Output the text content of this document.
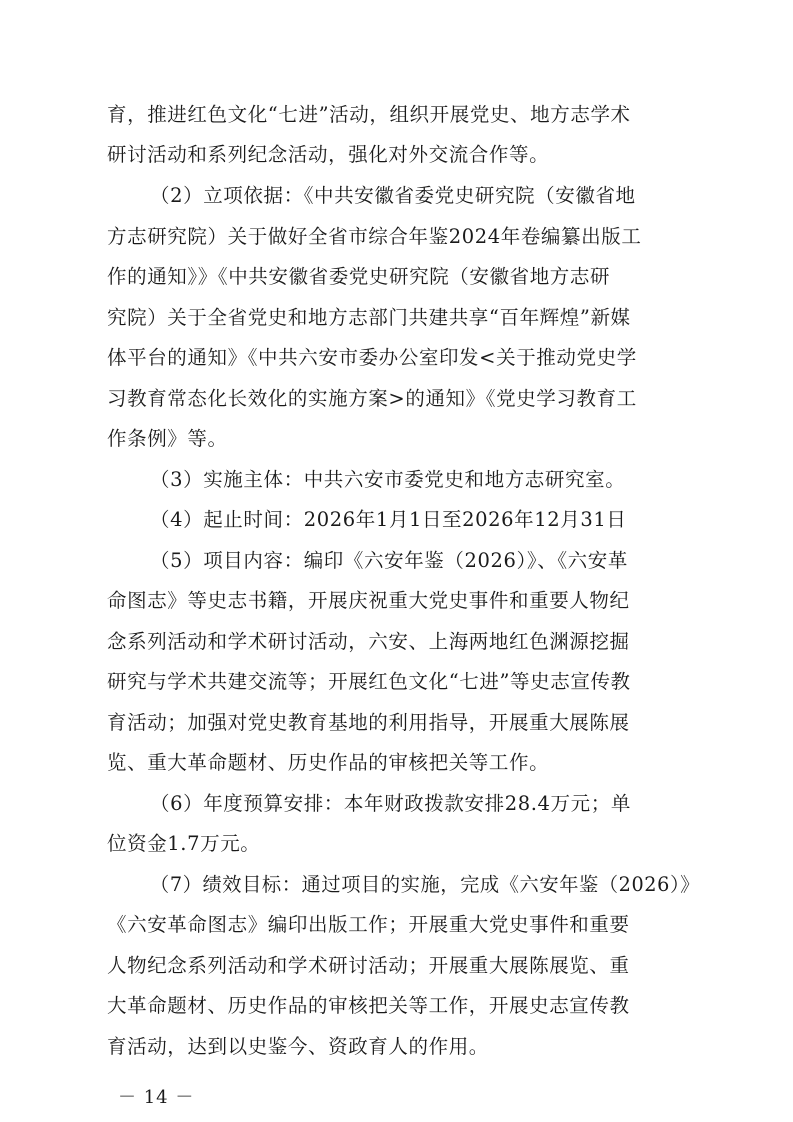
育，推进红色文化“七进”活动，组织开展党史、地方志学术
研讨活动和系列纪念活动，强化对外交流合作等。
（2）立项依据：《中共安徽省委党史研究院（安徽省地
方志研究院）关于做好全省市综合年鉴2024年卷编纂出版工
作的通知》》《中共安徽省委党史研究院（安徽省地方志研
究院）关于全省党史和地方志部门共建共享“百年辉煌”新媒
体平台的通知》《中共六安市委办公室印发<关于推动党史学
习教育常态化长效化的实施方案>的通知》《党史学习教育工
作条例》等。
（3）实施主体：中共六安市委党史和地方志研究室。
（4）起止时间：2026年1月1日至2026年12月31日
（5）项目内容：编印《六安年鉴（2026）》、《六安革
命图志》等史志书籍，开展庆祝重大党史事件和重要人物纪
念系列活动和学术研讨活动，六安、上海两地红色渊源挖掘
研究与学术共建交流等；开展红色文化“七进”等史志宣传教
育活动；加强对党史教育基地的利用指导，开展重大展陈展
览、重大革命题材、历史作品的审核把关等工作。
（6）年度预算安排：本年财政拨款安排28.4万元；单
位资金1.7万元。
（7）绩效目标：通过项目的实施，完成《六安年鉴（2026）》
《六安革命图志》编印出版工作；开展重大党史事件和重要
人物纪念系列活动和学术研讨活动；开展重大展陈展览、重
大革命题材、历史作品的审核把关等工作，开展史志宣传教
育活动，达到以史鉴今、资政育人的作用。
－ 14 －
